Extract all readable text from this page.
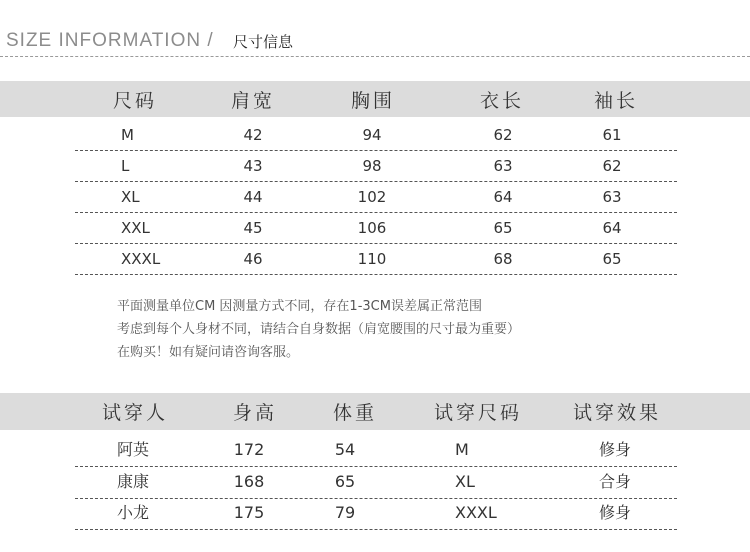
SIZE INFORMATION / 尺寸信息
尺码	肩宽	胸围	衣长	袖长
M	42	94	62	61
L	43	98	63	62
XL	44	102	64	63
XXL	45	106	65	64
XXXL	46	110	68	65
平面测量单位CM 因测量方式不同，存在1-3CM误差属正常范围
考虑到每个人身材不同，请结合自身数据（肩宽腰围的尺寸最为重要）
在购买！如有疑问请咨询客服。
试穿人	身高	体重	试穿尺码	试穿效果
阿英	172	54	M	修身
康康	168	65	XL	合身
小龙	175	79	XXXL	修身
